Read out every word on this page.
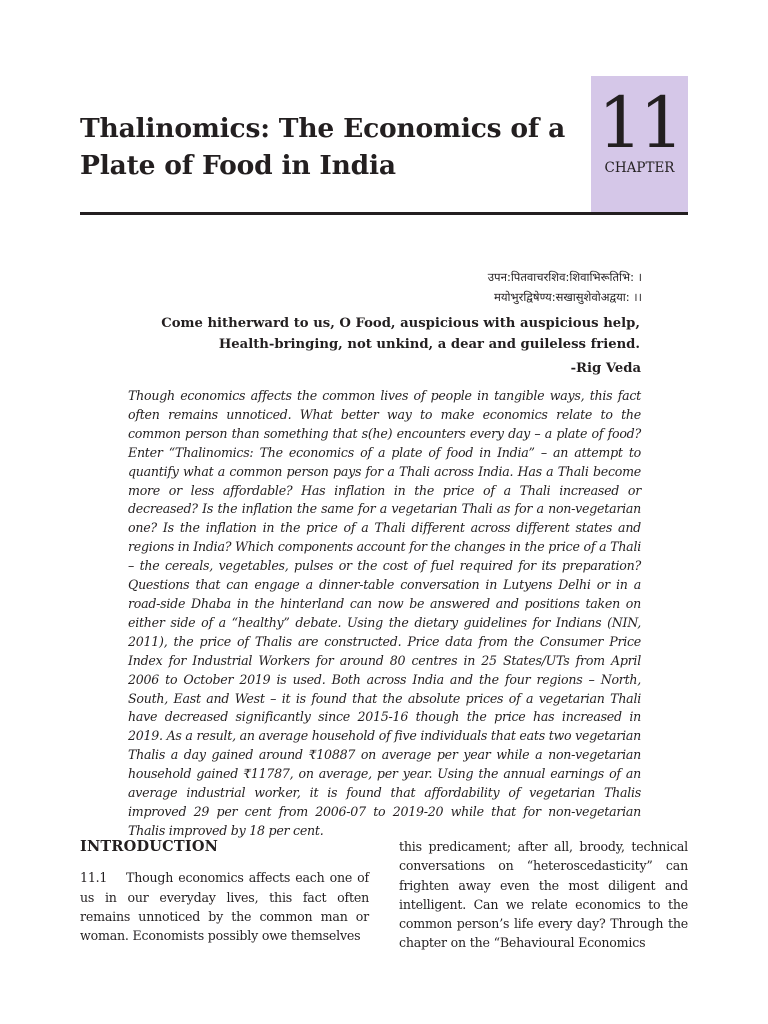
Thalinomics: The Economics of a Plate of Food in India
11
CHAPTER

उपन:पितवाचरशिव:शिवाभिरूतिभि: ।

मयोभुरद्विषेण्य:सखासुशेवोअद्वया: ।।

Come hitherward to us, O Food, auspicious with auspicious help,
Health-bringing, not unkind, a dear and guileless friend.

-Rig Veda

Though economics affects the common lives of people in tangible ways, this fact often remains unnoticed. What better way to make economics relate to the common person than something that s(he) encounters every day – a plate of food? Enter “Thalinomics: The economics of a plate of food in India” – an attempt to quantify what a common person pays for a Thali across India. Has a Thali become more or less affordable? Has inflation in the price of a Thali increased or decreased? Is the inflation the same for a vegetarian Thali as for a non-vegetarian one? Is the inflation in the price of a Thali different across different states and regions in India? Which components account for the changes in the price of a Thali – the cereals, vegetables, pulses or the cost of fuel required for its preparation? Questions that can engage a dinner-table conversation in Lutyens Delhi or in a road-side Dhaba in the hinterland can now be answered and positions taken on either side of a “healthy” debate. Using the dietary guidelines for Indians (NIN, 2011), the price of Thalis are constructed. Price data from the Consumer Price Index for Industrial Workers for around 80 centres in 25 States/UTs from April 2006 to October 2019 is used. Both across India and the four regions – North, South, East and West – it is found that the absolute prices of a vegetarian Thali have decreased significantly since 2015-16 though the price has increased in 2019. As a result, an average household of five individuals that eats two vegetarian Thalis a day gained around ₹10887 on average per year while a non-vegetarian household gained ₹11787, on average, per year. Using the annual earnings of an average industrial worker, it is found that affordability of vegetarian Thalis improved 29 per cent from 2006-07 to 2019-20 while that for non-vegetarian Thalis improved by 18 per cent.

INTRODUCTION

11.1 Though economics affects each one of us in our everyday lives, this fact often remains unnoticed by the common man or woman. Economists possibly owe themselves

this predicament; after all, broody, technical conversations on “heteroscedasticity” can frighten away even the most diligent and intelligent. Can we relate economics to the common person’s life every day? Through the chapter on the “Behavioural Economics
